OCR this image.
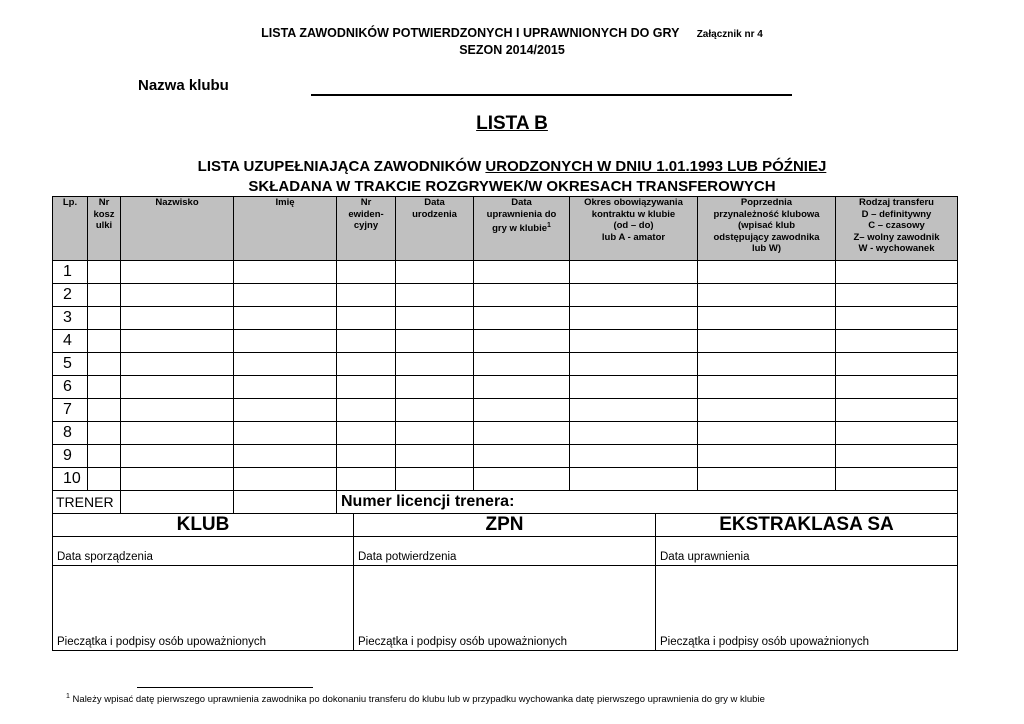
LISTA ZAWODNIKÓW POTWIERDZONYCH I UPRAWNIONYCH DO GRY Załącznik nr 4
SEZON 2014/2015
Nazwa klubu
LISTA B
LISTA UZUPEŁNIAJĄCA ZAWODNIKÓW URODZONYCH W DNIU 1.01.1993 LUB PÓŹNIEJ
SKŁADANA W TRAKCIE ROZGRYWEK/W OKRESACH TRANSFEROWYCH
Lp.	Nr
kosz
ulki	Nazwisko	Imię	Nr
ewiden-
cyjny	Data
urodzenia	Data
uprawnienia do
gry w klubie$^1$	Okres obowiązywania
kontraktu w klubie
(od – do)
lub A - amator	Poprzednia
przynależność klubowa
(wpisać klub
odstępujący zawodnika
lub W)	Rodzaj transferu
D – definitywny
C – czasowy
Z– wolny zawodnik
W - wychowanek
1									
2									
3									
4									
5									
6									
7									
8									
9									
10									
TRENER				Numer licencji trenera:					
KLUB	ZPN	EKSTRAKLASA SA
Data sporządzenia	Data potwierdzenia	Data uprawnienia
Pieczątka i podpisy osób upoważnionych	Pieczątka i podpisy osób upoważnionych	Pieczątka i podpisy osób upoważnionych
$^1$ Należy wpisać datę pierwszego uprawnienia zawodnika po dokonaniu transferu do klubu lub w przypadku wychowanka datę pierwszego uprawnienia do gry w klubie
